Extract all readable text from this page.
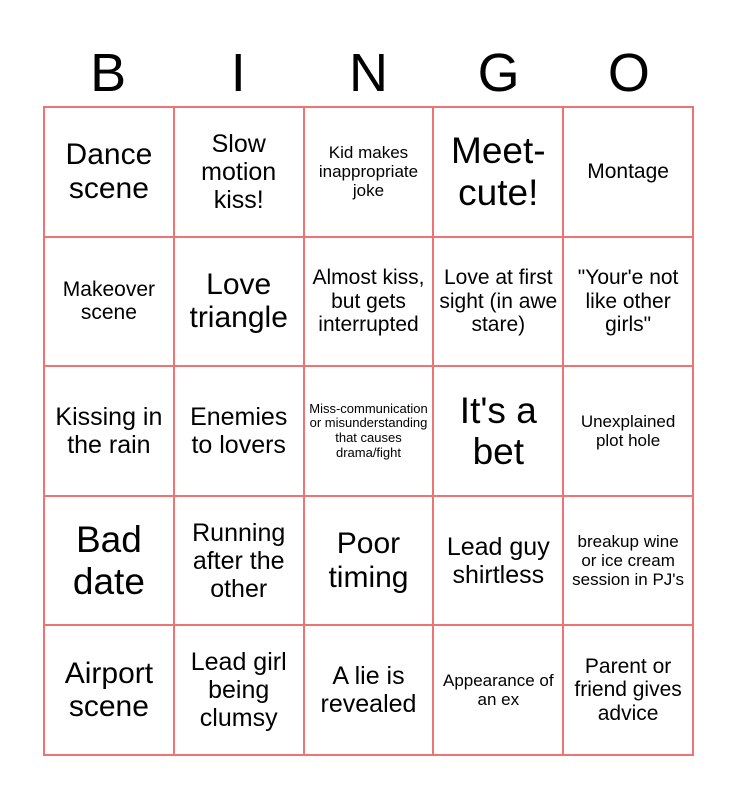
B	I	N	G	O
Dance scene
Slow motion kiss!
Kid makes inappropriate joke
Meet-cute!
Montage
Makeover scene
Love triangle
Almost kiss, but gets interrupted
Love at first sight (in awe stare)
"Your'e not like other girls"
Kissing in the rain
Enemies to lovers
Miss-communication or misunderstanding that causes drama/fight
It's a bet
Unexplained plot hole
Bad date
Running after the other
Poor timing
Lead guy shirtless
breakup wine or ice cream session in PJ's
Airport scene
Lead girl being clumsy
A lie is revealed
Appearance of an ex
Parent or friend gives advice
